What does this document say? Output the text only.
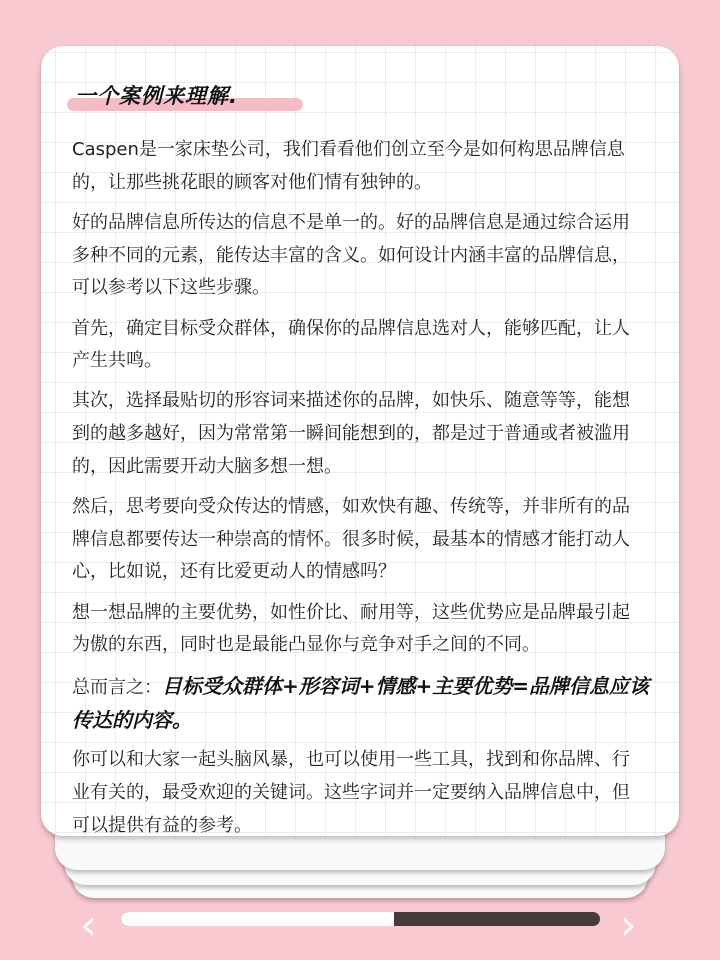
一个案例来理解.

Caspen是一家床垫公司，我们看看他们创立至今是如何构思品牌信息
的，让那些挑花眼的顾客对他们情有独钟的。

好的品牌信息所传达的信息不是单一的。好的品牌信息是通过综合运用
多种不同的元素，能传达丰富的含义。如何设计内涵丰富的品牌信息，
可以参考以下这些步骤。

首先，确定目标受众群体，确保你的品牌信息选对人，能够匹配，让人
产生共鸣。

其次，选择最贴切的形容词来描述你的品牌，如快乐、随意等等，能想
到的越多越好，因为常常第一瞬间能想到的，都是过于普通或者被滥用
的，因此需要开动大脑多想一想。

然后，思考要向受众传达的情感，如欢快有趣、传统等，并非所有的品
牌信息都要传达一种崇高的情怀。很多时候，最基本的情感才能打动人
心，比如说，还有比爱更动人的情感吗？

想一想品牌的主要优势，如性价比、耐用等，这些优势应是品牌最引起
为傲的东西，同时也是最能凸显你与竞争对手之间的不同。

总而言之：目标受众群体+形容词+情感+主要优势=品牌信息应该
传达的内容。

你可以和大家一起头脑风暴，也可以使用一些工具，找到和你品牌、行
业有关的，最受欢迎的关键词。这些字词并一定要纳入品牌信息中，但
可以提供有益的参考。

‹	›
